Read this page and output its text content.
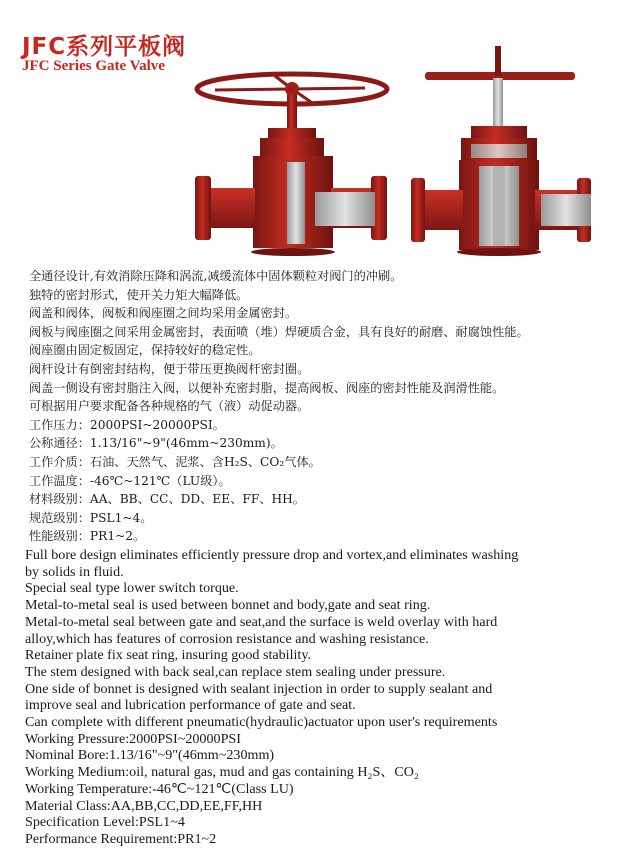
JFC系列平板阀
JFC Series Gate Valve
全通径设计,有效消除压降和涡流,减缓流体中固体颗粒对阀门的冲刷。
独特的密封形式，使开关力矩大幅降低。
阀盖和阀体，阀板和阀座圈之间均采用金属密封。
阀板与阀座圈之间采用金属密封，表面喷（堆）焊硬质合金，具有良好的耐磨、耐腐蚀性能。
阀座圈由固定板固定，保持较好的稳定性。
阀杆设计有倒密封结构，便于带压更换阀杆密封圈。
阀盖一侧设有密封脂注入阀，以便补充密封脂，提高阀板、阀座的密封性能及润滑性能。
可根据用户要求配备各种规格的气（液）动促动器。
工作压力：2000PSI~20000PSI。
公称通径：1.13/16"~9"(46mm~230mm)。
工作介质：石油、天然气、泥浆、含H₂S、CO₂气体。
工作温度：-46℃~121℃（LU级）。
材料级别：AA、BB、CC、DD、EE、FF、HH。
规范级别：PSL1~4。
性能级别：PR1~2。
Full bore design eliminates efficiently pressure drop and vortex,and eliminates washing
by solids in fluid.
Special seal type lower switch torque.
Metal-to-metal seal is used between bonnet and body,gate and seat ring.
Metal-to-metal seal between gate and seat,and the surface is weld overlay with hard
alloy,which has features of corrosion resistance and washing resistance.
Retainer plate fix seat ring, insuring good stability.
The stem designed with back seal,can replace stem sealing under pressure.
One side of bonnet is designed with sealant injection in order to supply sealant and
improve seal and lubrication performance of gate and seat.
Can complete with different pneumatic(hydraulic)actuator upon user's requirements
Working Pressure:2000PSI~20000PSI
Nominal Bore:1.13/16"~9"(46mm~230mm)
Working Medium:oil, natural gas, mud and gas containing H₂S、CO₂
Working Temperature:-46℃~121℃(Class LU)
Material Class:AA,BB,CC,DD,EE,FF,HH
Specification Level:PSL1~4
Performance Requirement:PR1~2
